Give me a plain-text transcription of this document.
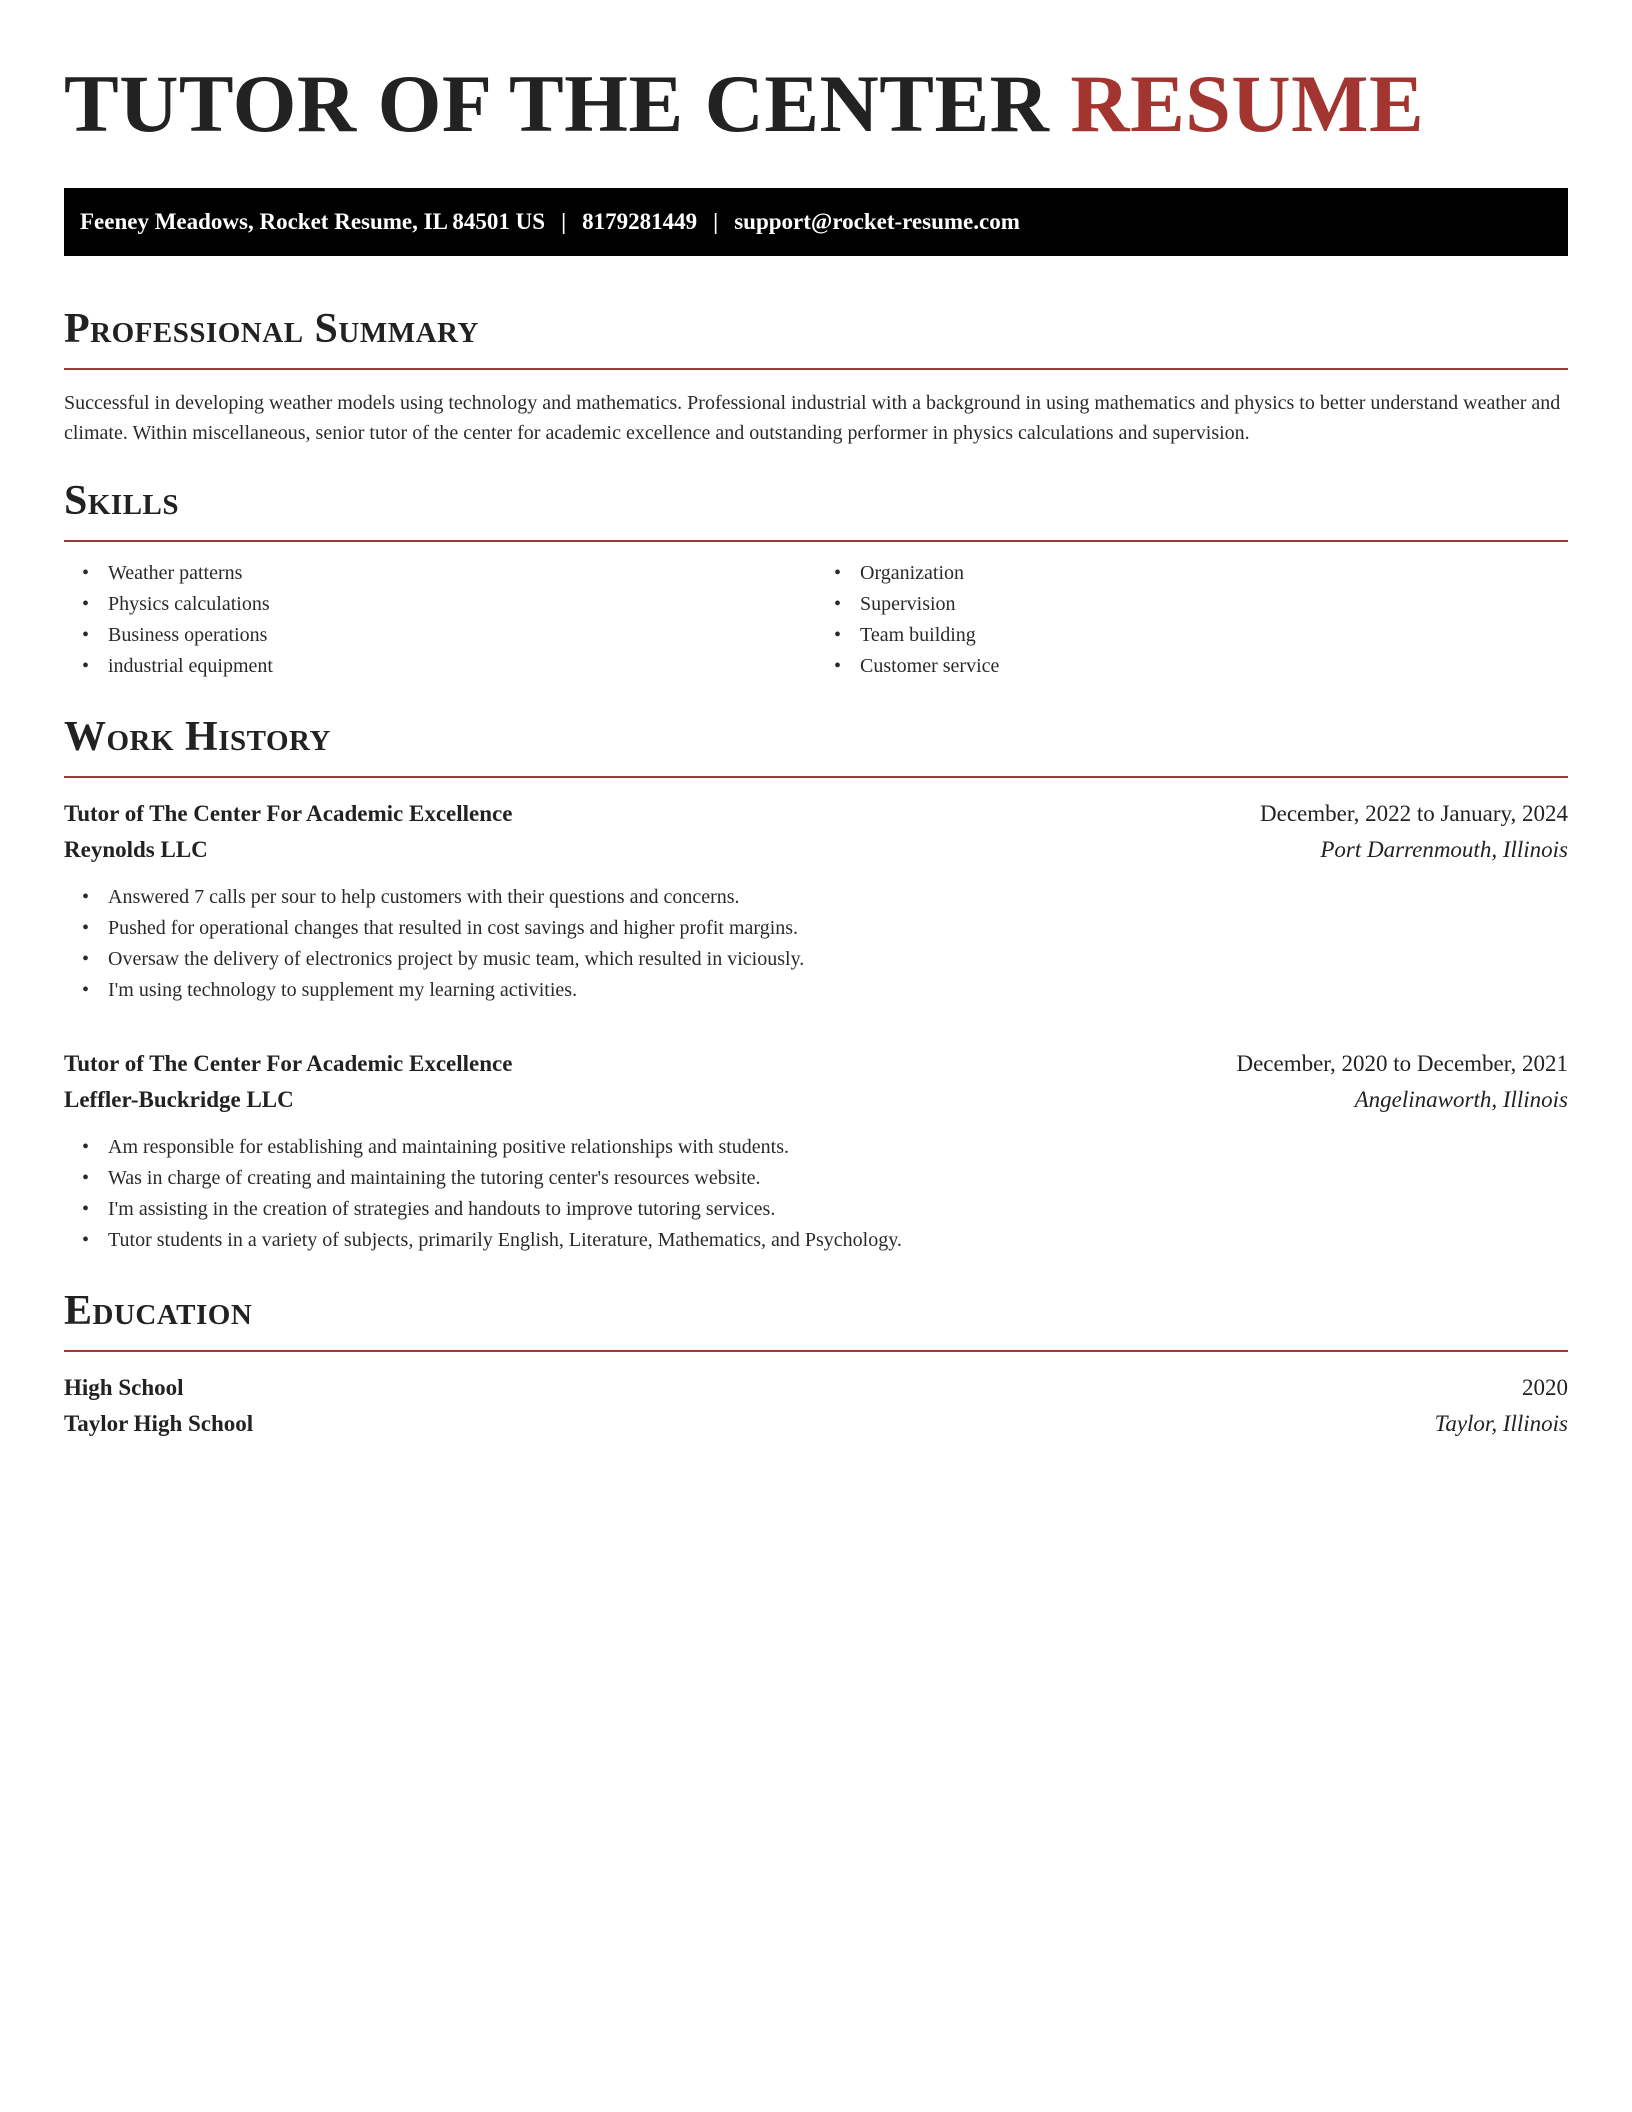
TUTOR OF THE CENTER RESUME
Feeney Meadows, Rocket Resume, IL 84501 US | 8179281449 | support@rocket-resume.com
Professional Summary

Successful in developing weather models using technology and mathematics. Professional industrial with a background in using mathematics and physics to better understand weather and climate. Within miscellaneous, senior tutor of the center for academic excellence and outstanding performer in physics calculations and supervision.

Skills
• Weather patterns
• Physics calculations
• Business operations
• industrial equipment
• Organization
• Supervision
• Team building
• Customer service
Work History
Tutor of The Center For Academic Excellence	December, 2022 to January, 2024
Reynolds LLC	Port Darrenmouth, Illinois
• Answered 7 calls per sour to help customers with their questions and concerns.
• Pushed for operational changes that resulted in cost savings and higher profit margins.
• Oversaw the delivery of electronics project by music team, which resulted in viciously.
• I'm using technology to supplement my learning activities.
Tutor of The Center For Academic Excellence	December, 2020 to December, 2021
Leffler-Buckridge LLC	Angelinaworth, Illinois
• Am responsible for establishing and maintaining positive relationships with students.
• Was in charge of creating and maintaining the tutoring center's resources website.
• I'm assisting in the creation of strategies and handouts to improve tutoring services.
• Tutor students in a variety of subjects, primarily English, Literature, Mathematics, and Psychology.
Education
High School	2020
Taylor High School	Taylor, Illinois
